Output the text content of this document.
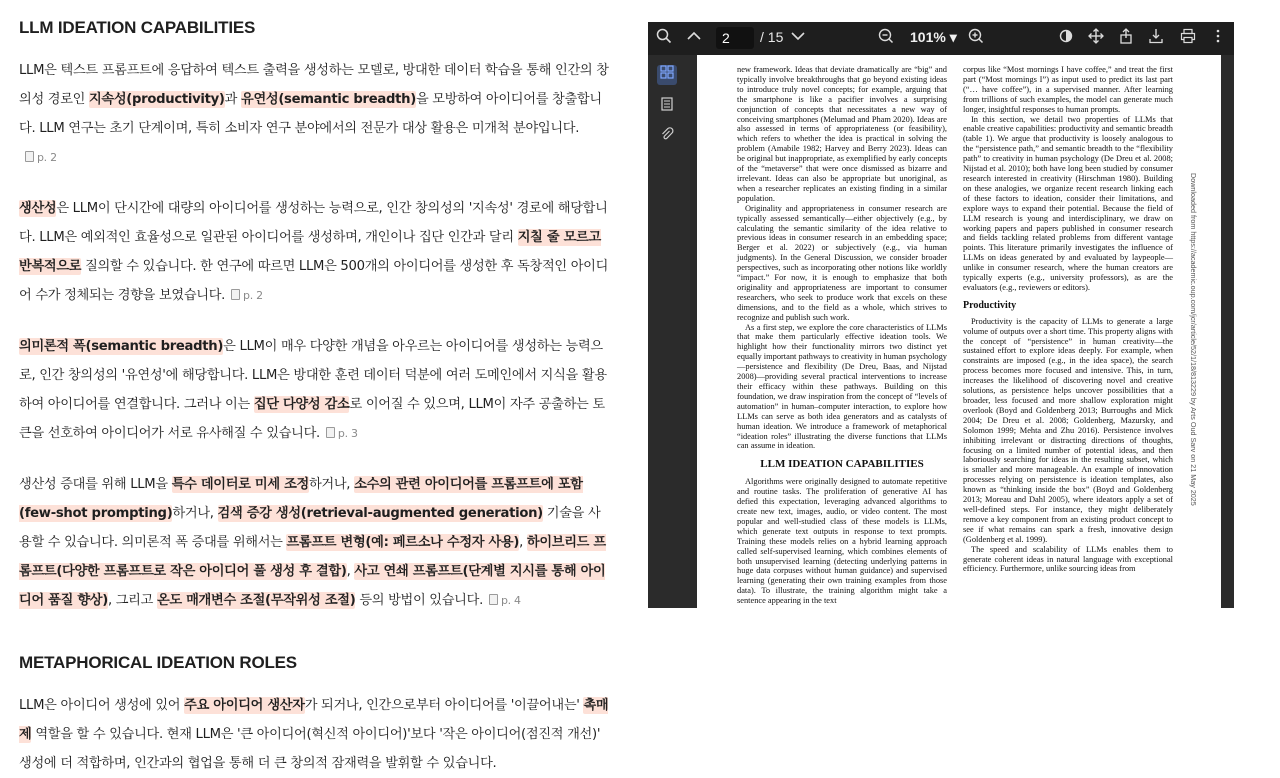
LLM IDEATION CAPABILITIES

LLM은 텍스트 프롬프트에 응답하여 텍스트 출력을 생성하는 모델로, 방대한 데이터 학습을 통해 인간의 창의성 경로인 지속성(productivity)과 유연성(semantic breadth)을 모방하여 아이디어를 창출합니다. LLM 연구는 초기 단계이며, 특히 소비자 연구 분야에서의 전문가 대상 활용은 미개척 분야입니다.p. 2

생산성은 LLM이 단시간에 대량의 아이디어를 생성하는 능력으로, 인간 창의성의 '지속성' 경로에 해당합니다. LLM은 예외적인 효율성으로 일관된 아이디어를 생성하며, 개인이나 집단 인간과 달리 지칠 줄 모르고 반복적으로 질의할 수 있습니다. 한 연구에 따르면 LLM은 500개의 아이디어를 생성한 후 독창적인 아이디어 수가 정체되는 경향을 보였습니다. p. 2

의미론적 폭(semantic breadth)은 LLM이 매우 다양한 개념을 아우르는 아이디어를 생성하는 능력으로, 인간 창의성의 '유연성'에 해당합니다. LLM은 방대한 훈련 데이터 덕분에 여러 도메인에서 지식을 활용하여 아이디어를 연결합니다. 그러나 이는 집단 다양성 감소로 이어질 수 있으며, LLM이 자주 공출하는 토큰을 선호하여 아이디어가 서로 유사해질 수 있습니다. p. 3

생산성 증대를 위해 LLM을 특수 데이터로 미세 조정하거나, 소수의 관련 아이디어를 프롬프트에 포함(few-shot prompting)하거나, 검색 증강 생성(retrieval-augmented generation) 기술을 사용할 수 있습니다. 의미론적 폭 증대를 위해서는 프롬프트 변형(예: 페르소나 수정자 사용), 하이브리드 프롬프트(다양한 프롬프트로 작은 아이디어 풀 생성 후 결합), 사고 연쇄 프롬프트(단계별 지시를 통해 아이디어 품질 향상), 그리고 온도 매개변수 조절(무작위성 조절) 등의 방법이 있습니다. p. 4

METAPHORICAL IDEATION ROLES

LLM은 아이디어 생성에 있어 주요 아이디어 생산자가 되거나, 인간으로부터 아이디어를 '이끌어내는' 촉매제 역할을 할 수 있습니다. 현재 LLM은 '큰 아이디어(혁신적 아이디어)'보다 '작은 아이디어(점진적 개선)' 생성에 더 적합하며, 인간과의 협업을 통해 더 큰 창의적 잠재력을 발휘할 수 있습니다.

2	/ 15	101% ▾

new framework. Ideas that deviate dramatically are “big” and typically involve breakthroughs that go beyond existing ideas to introduce truly novel concepts; for example, arguing that the smartphone is like a pacifier involves a surprising conjunction of concepts that necessitates a new way of conceiving smartphones (Melumad and Pham 2020). Ideas are also assessed in terms of appropriateness (or feasibility), which refers to whether the idea is practical in solving the problem (Amabile 1982; Harvey and Berry 2023). Ideas can be original but inappropriate, as exemplified by early concepts of the “metaverse” that were once dismissed as bizarre and irrelevant. Ideas can also be appropriate but unoriginal, as when a researcher replicates an existing finding in a similar population.

Originality and appropriateness in consumer research are typically assessed semantically—either objectively (e.g., by calculating the semantic similarity of the idea relative to previous ideas in consumer research in an embedding space; Berger et al. 2022) or subjectively (e.g., via human judgments). In the General Discussion, we consider broader perspectives, such as incorporating other notions like worldly “impact.” For now, it is enough to emphasize that both originality and appropriateness are important to consumer researchers, who seek to produce work that excels on these dimensions, and to the field as a whole, which strives to recognize and publish such work.

As a first step, we explore the core characteristics of LLMs that make them particularly effective ideation tools. We highlight how their functionality mirrors two distinct yet equally important pathways to creativity in human psychology—persistence and flexibility (De Dreu, Baas, and Nijstad 2008)—providing several practical interventions to increase their efficacy within these pathways. Building on this foundation, we draw inspiration from the concept of “levels of automation” in human–computer interaction, to explore how LLMs can serve as both idea generators and as catalysts of human ideation. We introduce a framework of metaphorical “ideation roles” illustrating the diverse functions that LLMs can assume in ideation.

LLM IDEATION CAPABILITIES

Algorithms were originally designed to automate repetitive and routine tasks. The proliferation of generative AI has defied this expectation, leveraging advanced algorithms to create new text, images, audio, or video content. The most popular and well-studied class of these models is LLMs, which generate text outputs in response to text prompts. Training these models relies on a hybrid learning approach called self-supervised learning, which combines elements of both unsupervised learning (detecting underlying patterns in huge data corpuses without human guidance) and supervised learning (generating their own training examples from those data). To illustrate, the training algorithm might take a sentence appearing in the text

corpus like “Most mornings I have coffee,” and treat the first part (“Most mornings I”) as input used to predict its last part (“… have coffee”), in a supervised manner. After learning from trillions of such examples, the model can generate much longer, insightful responses to human prompts.

In this section, we detail two properties of LLMs that enable creative capabilities: productivity and semantic breadth (table 1). We argue that productivity is loosely analogous to the “persistence path,” and semantic breadth to the “flexibility path” to creativity in human psychology (De Dreu et al. 2008; Nijstad et al. 2010); both have long been studied by consumer research interested in creativity (Hirschman 1980). Building on these analogies, we organize recent research linking each of these factors to ideation, consider their limitations, and explore ways to expand their potential. Because the field of LLM research is young and interdisciplinary, we draw on working papers and papers published in consumer research and fields tackling related problems from different vantage points. This literature primarily investigates the influence of LLMs on ideas generated by and evaluated by laypeople—unlike in consumer research, where the human creators are typically experts (e.g., university professors), as are the evaluators (e.g., reviewers or editors).

Productivity

Productivity is the capacity of LLMs to generate a large volume of outputs over a short time. This property aligns with the concept of “persistence” in human creativity—the sustained effort to explore ideas deeply. For example, when constraints are imposed (e.g., in the idea space), the search process becomes more focused and intensive. This, in turn, increases the likelihood of discovering novel and creative solutions, as persistence helps uncover possibilities that a broader, less focused and more shallow exploration might overlook (Boyd and Goldenberg 2013; Burroughs and Mick 2004; De Dreu et al. 2008; Goldenberg, Mazursky, and Solomon 1999; Mehta and Zhu 2016). Persistence involves inhibiting irrelevant or distracting directions of thoughts, focusing on a limited number of potential ideas, and then laboriously searching for ideas in the resulting subset, which is smaller and more manageable. An example of innovation processes relying on persistence is ideation templates, also known as “thinking inside the box” (Boyd and Goldenberg 2013; Moreau and Dahl 2005), where ideators apply a set of well-defined steps. For instance, they might deliberately remove a key component from an existing product concept to see if what remains can spark a fresh, innovative design (Goldenberg et al. 1999).

The speed and scalability of LLMs enables them to generate coherent ideas in natural language with exceptional efficiency. Furthermore, unlike sourcing ideas from

Downloaded from https://academic.oup.com/jcr/article/52/1/18/813229 by Arts Oud Sarv on 21 May 2025
